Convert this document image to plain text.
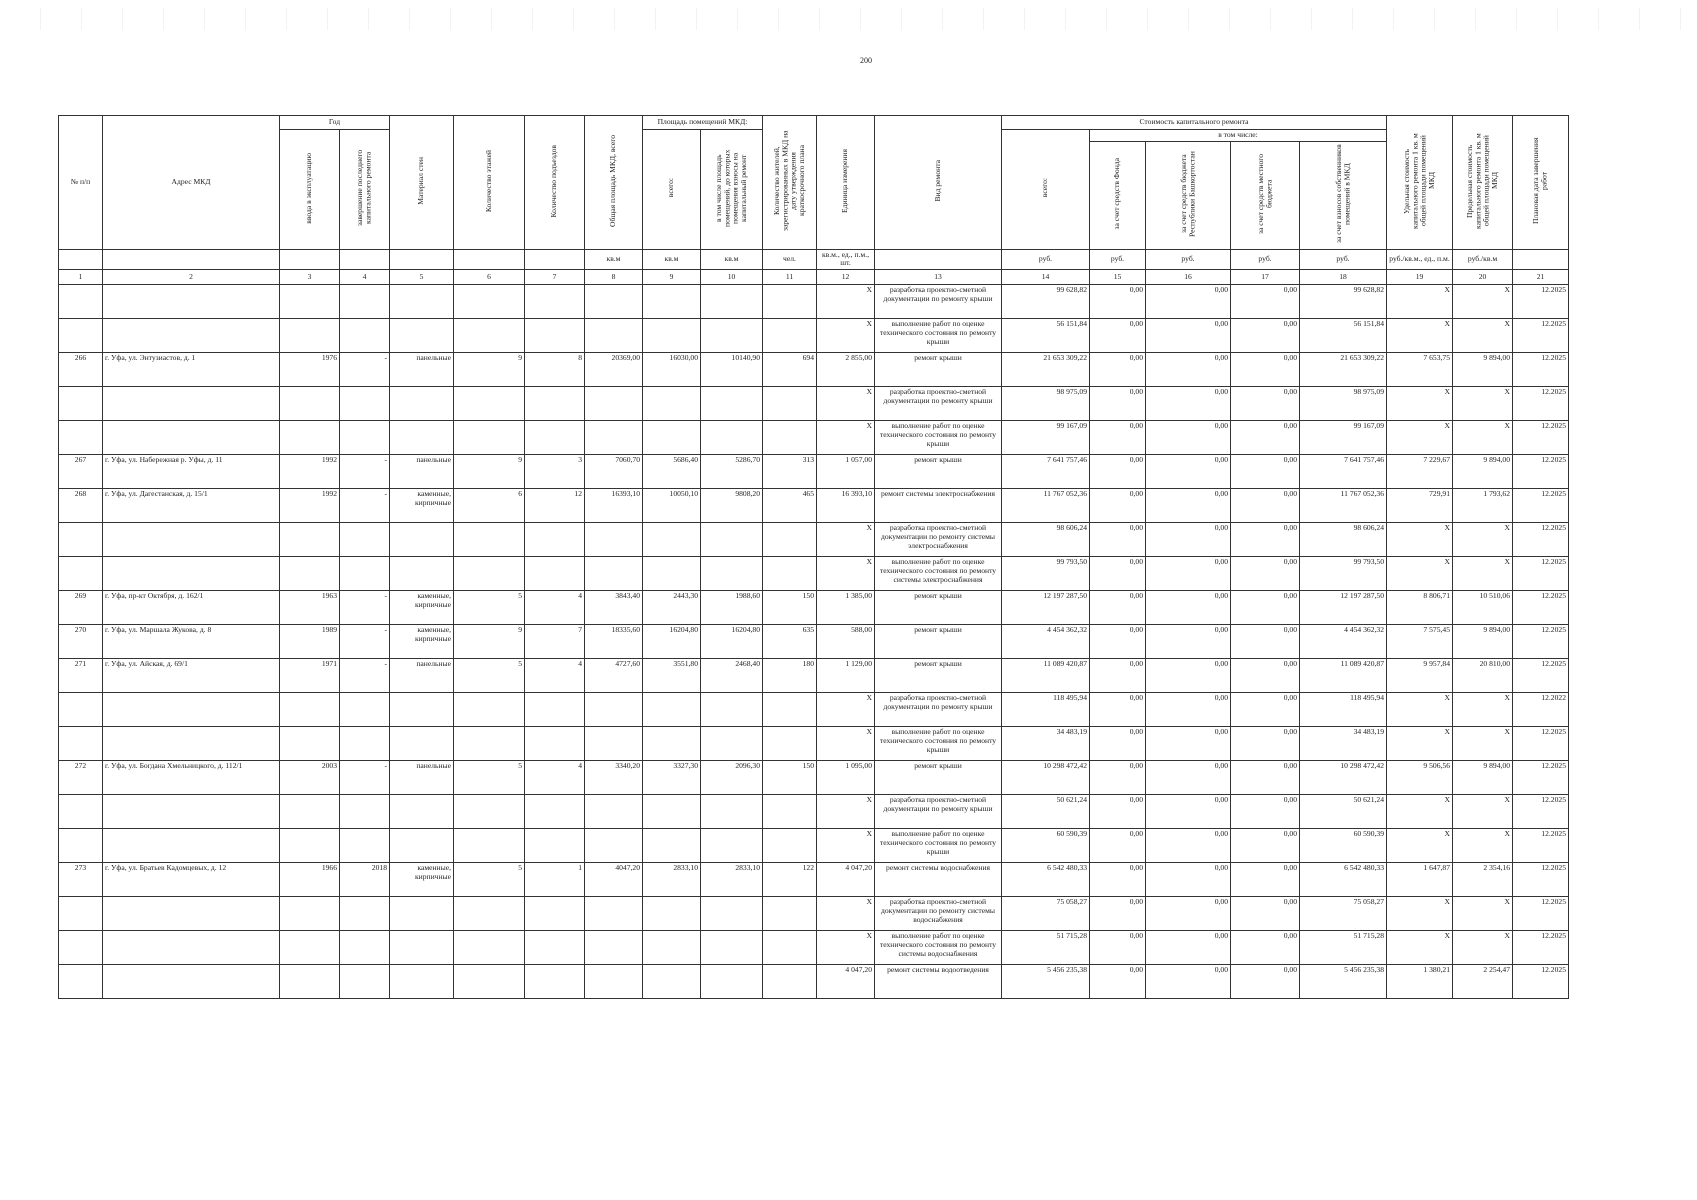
200
№ п/п	Адрес МКД	Год		Материал стен	Количество этажей	Количество подъездов	Общая площадь МКД, всего	Площадь помещений МКД:		Количество жителей, зарегистрированных в МКД на дату утверждения краткосрочного плана	Единица измерения	Вид ремонта	Стоимость капитального ремонта					Удельная стоимость капитального ремонта 1 кв. м общей площади помещений МКД	Предельная стоимость капитального ремонта 1 кв. м общей площади помещений МКД	Плановая дата завершения работ
		ввода в эксплуатацию	завершение последнего капитального ремонта					всего:	в том числе площадь помещений, до которых помещения взносы на капитальный ремонт				всего:	в том числе:						
														за счет средств Фонда	за счет средств бюджета Республики Башкортостан	за счет средств местного бюджета	за счет взносов собственников помещений в МКД			
							кв.м	кв.м	кв.м	чел.	кв.м., ед., п.м., шт.		руб.	руб.	руб.	руб.	руб.	руб./кв.м., ед., п.м.	руб./кв.м	
1	2	3	4	5	6	7	8	9	10	11	12	13	14	15	16	17	18	19	20	21
											X	разработка проектно-сметной документации по ремонту крыши	99 628,82	0,00	0,00	0,00	99 628,82	X	X	12.2025
											X	выполнение работ по оценке технического состояния по ремонту крыши	56 151,84	0,00	0,00	0,00	56 151,84	X	X	12.2025
266	г. Уфа, ул. Энтузиастов, д. 1	1976	-	панельные	9	8	20369,00	16030,00	10140,90	694	2 855,00	ремонт крыши	21 653 309,22	0,00	0,00	0,00	21 653 309,22	7 653,75	9 894,00	12.2025
											X	разработка проектно-сметной документации по ремонту крыши	98 975,09	0,00	0,00	0,00	98 975,09	X	X	12.2025
											X	выполнение работ по оценке технического состояния по ремонту крыши	99 167,09	0,00	0,00	0,00	99 167,09	X	X	12.2025
267	г. Уфа, ул. Набережная р. Уфы, д. 11	1992	-	панельные	9	3	7060,70	5686,40	5286,70	313	1 057,00	ремонт крыши	7 641 757,46	0,00	0,00	0,00	7 641 757,46	7 229,67	9 894,00	12.2025
268	г. Уфа, ул. Дагестанская, д. 15/1	1992	-	каменные, кирпичные	6	12	16393,10	10050,10	9808,20	465	16 393,10	ремонт системы электроснабжения	11 767 052,36	0,00	0,00	0,00	11 767 052,36	729,91	1 793,62	12.2025
											X	разработка проектно-сметной документации по ремонту системы электроснабжения	98 606,24	0,00	0,00	0,00	98 606,24	X	X	12.2025
											X	выполнение работ по оценке технического состояния по ремонту системы электроснабжения	99 793,50	0,00	0,00	0,00	99 793,50	X	X	12.2025
269	г. Уфа, пр-кт Октября, д. 162/1	1963	-	каменные, кирпичные	5	4	3843,40	2443,30	1988,60	150	1 385,00	ремонт крыши	12 197 287,50	0,00	0,00	0,00	12 197 287,50	8 806,71	10 510,06	12.2025
270	г. Уфа, ул. Маршала Жукова, д. 8	1989	-	каменные, кирпичные	9	7	18335,60	16204,80	16204,80	635	588,00	ремонт крыши	4 454 362,32	0,00	0,00	0,00	4 454 362,32	7 575,45	9 894,00	12.2025
271	г. Уфа, ул. Айская, д. 69/1	1971	-	панельные	5	4	4727,60	3551,80	2468,40	180	1 129,00	ремонт крыши	11 089 420,87	0,00	0,00	0,00	11 089 420,87	9 957,84	20 810,00	12.2025
											X	разработка проектно-сметной документации по ремонту крыши	118 495,94	0,00	0,00	0,00	118 495,94	X	X	12.2022
											X	выполнение работ по оценке технического состояния по ремонту крыши	34 483,19	0,00	0,00	0,00	34 483,19	X	X	12.2025
272	г. Уфа, ул. Богдана Хмельницкого, д. 112/1	2003	-	панельные	5	4	3340,20	3327,30	2096,30	150	1 095,00	ремонт крыши	10 298 472,42	0,00	0,00	0,00	10 298 472,42	9 506,56	9 894,00	12.2025
											X	разработка проектно-сметной документации по ремонту крыши	50 621,24	0,00	0,00	0,00	50 621,24	X	X	12.2025
											X	выполнение работ по оценке технического состояния по ремонту крыши	60 590,39	0,00	0,00	0,00	60 590,39	X	X	12.2025
273	г. Уфа, ул. Братьев Кадомцевых, д. 12	1966	2018	каменные, кирпичные	5	1	4047,20	2833,10	2833,10	122	4 047,20	ремонт системы водоснабжения	6 542 480,33	0,00	0,00	0,00	6 542 480,33	1 647,87	2 354,16	12.2025
											X	разработка проектно-сметной документации по ремонту системы водоснабжения	75 058,27	0,00	0,00	0,00	75 058,27	X	X	12.2025
											X	выполнение работ по оценке технического состояния по ремонту системы водоснабжения	51 715,28	0,00	0,00	0,00	51 715,28	X	X	12.2025
											4 047,20	ремонт системы водоотведения	5 456 235,38	0,00	0,00	0,00	5 456 235,38	1 380,21	2 254,47	12.2025
